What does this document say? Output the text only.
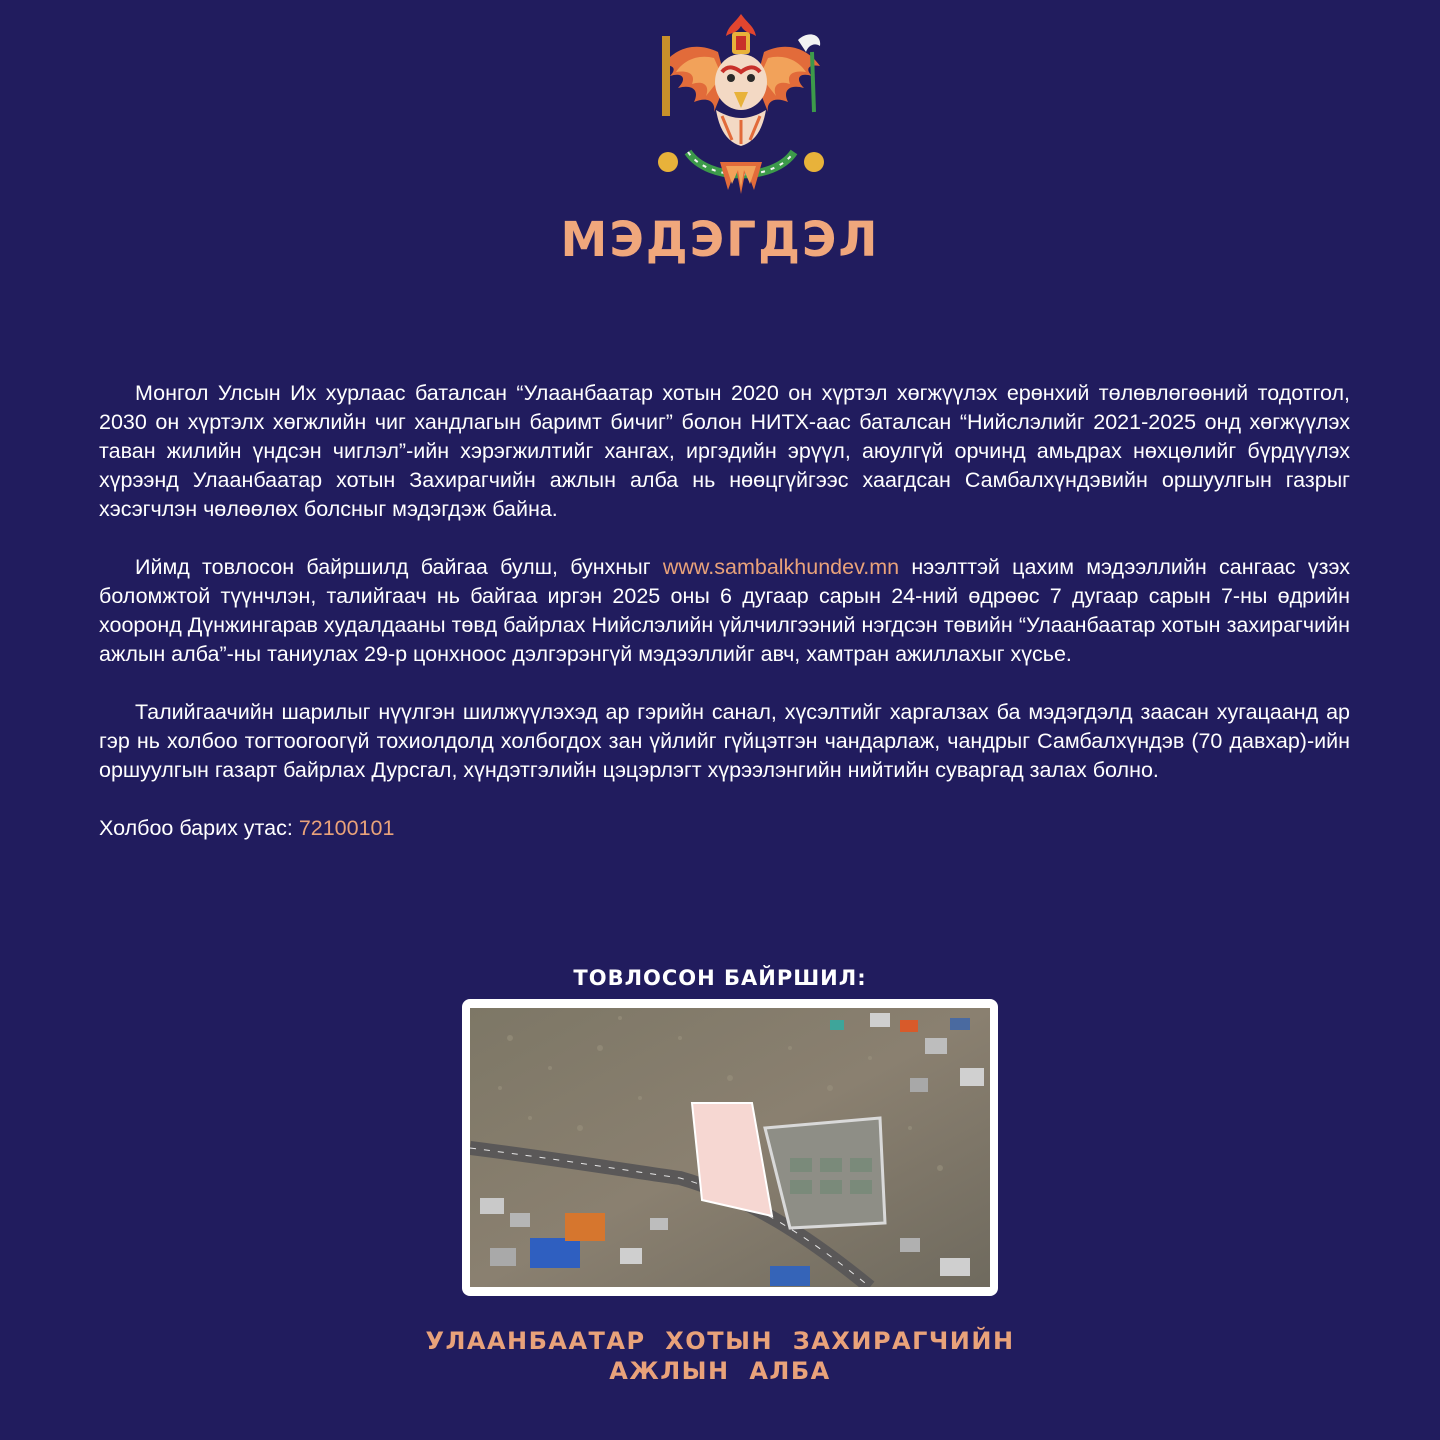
МЭДЭГДЭЛ

Монгол Улсын Их хурлаас баталсан “Улаанбаатар хотын 2020 он хүртэл хөгжүүлэх ерөнхий төлөвлөгөөний тодотгол, 2030 он хүртэлх хөгжлийн чиг хандлагын баримт бичиг” болон НИТХ-аас баталсан “Нийслэлийг 2021-2025 онд хөгжүүлэх таван жилийн үндсэн чиглэл”-ийн хэрэгжилтийг хангах, иргэдийн эрүүл, аюулгүй орчинд амьдрах нөхцөлийг бүрдүүлэх хүрээнд Улаанбаатар хотын Захирагчийн ажлын алба нь нөөцгүйгээс хаагдсан Самбалхүндэвийн оршуулгын газрыг хэсэгчлэн чөлөөлөх болсныг мэдэгдэж байна.

Иймд товлосон байршилд байгаа булш, бунхныг www.sambalkhundev.mn нээлттэй цахим мэдээллийн сангаас үзэх боломжтой түүнчлэн, талийгаач нь байгаа иргэн 2025 оны 6 дугаар сарын 24-ний өдрөөс 7 дугаар сарын 7-ны өдрийн хооронд Дүнжингарав худалдааны төвд байрлах Нийслэлийн үйлчилгээний нэгдсэн төвийн “Улаанбаатар хотын захирагчийн ажлын алба”-ны таниулах 29-р цонхноос дэлгэрэнгүй мэдээллийг авч, хамтран ажиллахыг хүсье.

Талийгаачийн шарилыг нүүлгэн шилжүүлэхэд ар гэрийн санал, хүсэлтийг харгалзах ба мэдэгдэлд заасан хугацаанд ар гэр нь холбоо тогтоогоогүй тохиолдолд холбогдох зан үйлийг гүйцэтгэн чандарлаж, чандрыг Самбалхүндэв (70 давхар)-ийн оршуулгын газарт байрлах Дурсгал, хүндэтгэлийн цэцэрлэгт хүрээлэнгийн нийтийн суваргад залах болно.

Холбоо барих утас: 72100101

ТОВЛОСОН БАЙРШИЛ:
УЛААНБААТАР  ХОТЫН  ЗАХИРАГЧИЙН
АЖЛЫН  АЛБА
